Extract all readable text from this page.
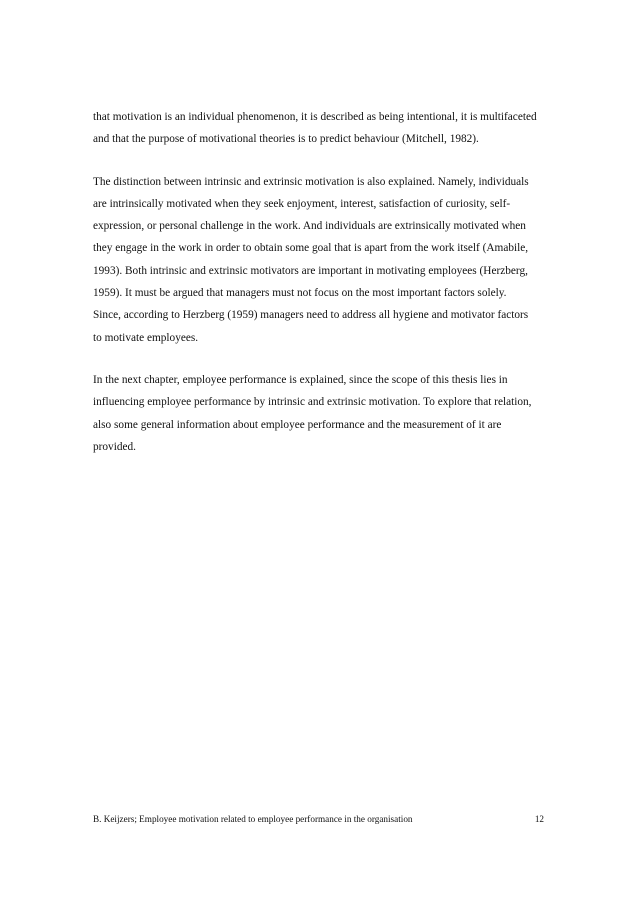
that motivation is an individual phenomenon, it is described as being intentional, it is multifaceted
and that the purpose of motivational theories is to predict behaviour (Mitchell, 1982).

The distinction between intrinsic and extrinsic motivation is also explained. Namely, individuals
are intrinsically motivated when they seek enjoyment, interest, satisfaction of curiosity, self-
expression, or personal challenge in the work. And individuals are extrinsically motivated when
they engage in the work in order to obtain some goal that is apart from the work itself (Amabile,
1993). Both intrinsic and extrinsic motivators are important in motivating employees (Herzberg,
1959). It must be argued that managers must not focus on the most important factors solely.
Since, according to Herzberg (1959) managers need to address all hygiene and motivator factors
to motivate employees.

In the next chapter, employee performance is explained, since the scope of this thesis lies in
influencing employee performance by intrinsic and extrinsic motivation. To explore that relation,
also some general information about employee performance and the measurement of it are
provided.

B. Keijzers; Employee motivation related to employee performance in the organisation	12
